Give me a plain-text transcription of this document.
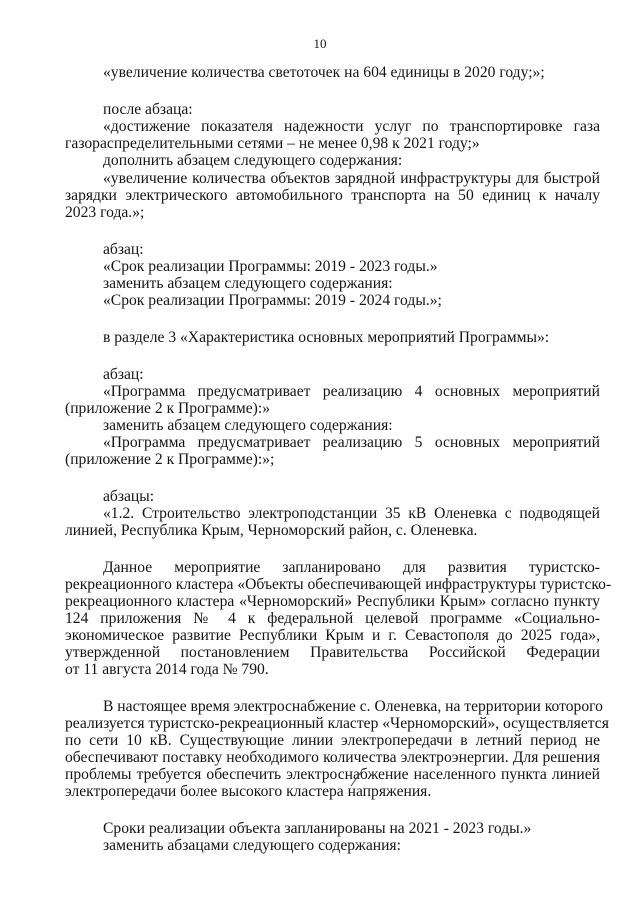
10
«увеличение количества светоточек на 604 единицы в 2020 году;»;
после абзаца:
«достижение показателя надежности услуг по транспортировке газа
газораспределительными сетями – не менее 0,98 к 2021 году;»
дополнить абзацем следующего содержания:
«увеличение количества объектов зарядной инфраструктуры для быстрой
зарядки электрического автомобильного транспорта на 50 единиц к началу
2023 года.»;
абзац:
«Срок реализации Программы: 2019 - 2023 годы.»
заменить абзацем следующего содержания:
«Срок реализации Программы: 2019 - 2024 годы.»;
в разделе 3 «Характеристика основных мероприятий Программы»:
абзац:
«Программа предусматривает реализацию 4 основных мероприятий
(приложение 2 к Программе):»
заменить абзацем следующего содержания:
«Программа предусматривает реализацию 5 основных мероприятий
(приложение 2 к Программе):»;
абзацы:
«1.2. Строительство электроподстанции 35 кВ Оленевка с подводящей
линией, Республика Крым, Черноморский район, с. Оленевка.
Данное мероприятие запланировано для развития туристско-
рекреационного кластера «Объекты обеспечивающей инфраструктуры туристско-
рекреационного кластера «Черноморский» Республики Крым» согласно пункту
124 приложения № 4 к федеральной целевой программе «Социально-
экономическое развитие Республики Крым и г. Севастополя до 2025 года»,
утвержденной постановлением Правительства Российской Федерации
от 11 августа 2014 года № 790.
В настоящее время электроснабжение с. Оленевка, на территории которого
реализуется туристско-рекреационный кластер «Черноморский», осуществляется
по сети 10 кВ. Существующие линии электропередачи в летний период не
обеспечивают поставку необходимого количества электроэнергии. Для решения
проблемы требуется обеспечить электроснабжение населенного пункта линией
электропередачи более высокого кластера напряжения.
Сроки реализации объекта запланированы на 2021 - 2023 годы.»
заменить абзацами следующего содержания:
